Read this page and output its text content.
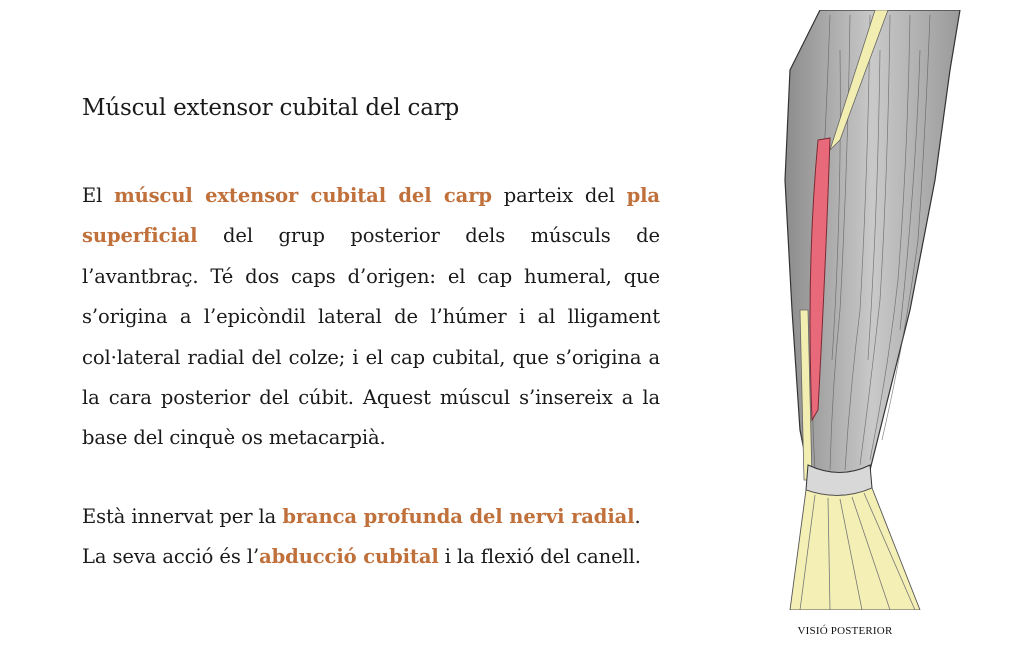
Múscul extensor cubital del carp

El múscul extensor cubital del carp parteix del pla superficial del grup posterior dels músculs de l’avantbraç. Té dos caps d’origen: el cap humeral, que s’origina a l’epicòndil lateral de l’húmer i al lligament col·lateral radial del colze; i el cap cubital, que s’origina a la cara posterior del cúbit. Aquest múscul s’insereix a la base del cinquè os metacarpià.

Està innervat per la branca profunda del nervi radial. La seva acció és l’abducció cubital i la flexió del canell.

VISIÓ POSTERIOR
